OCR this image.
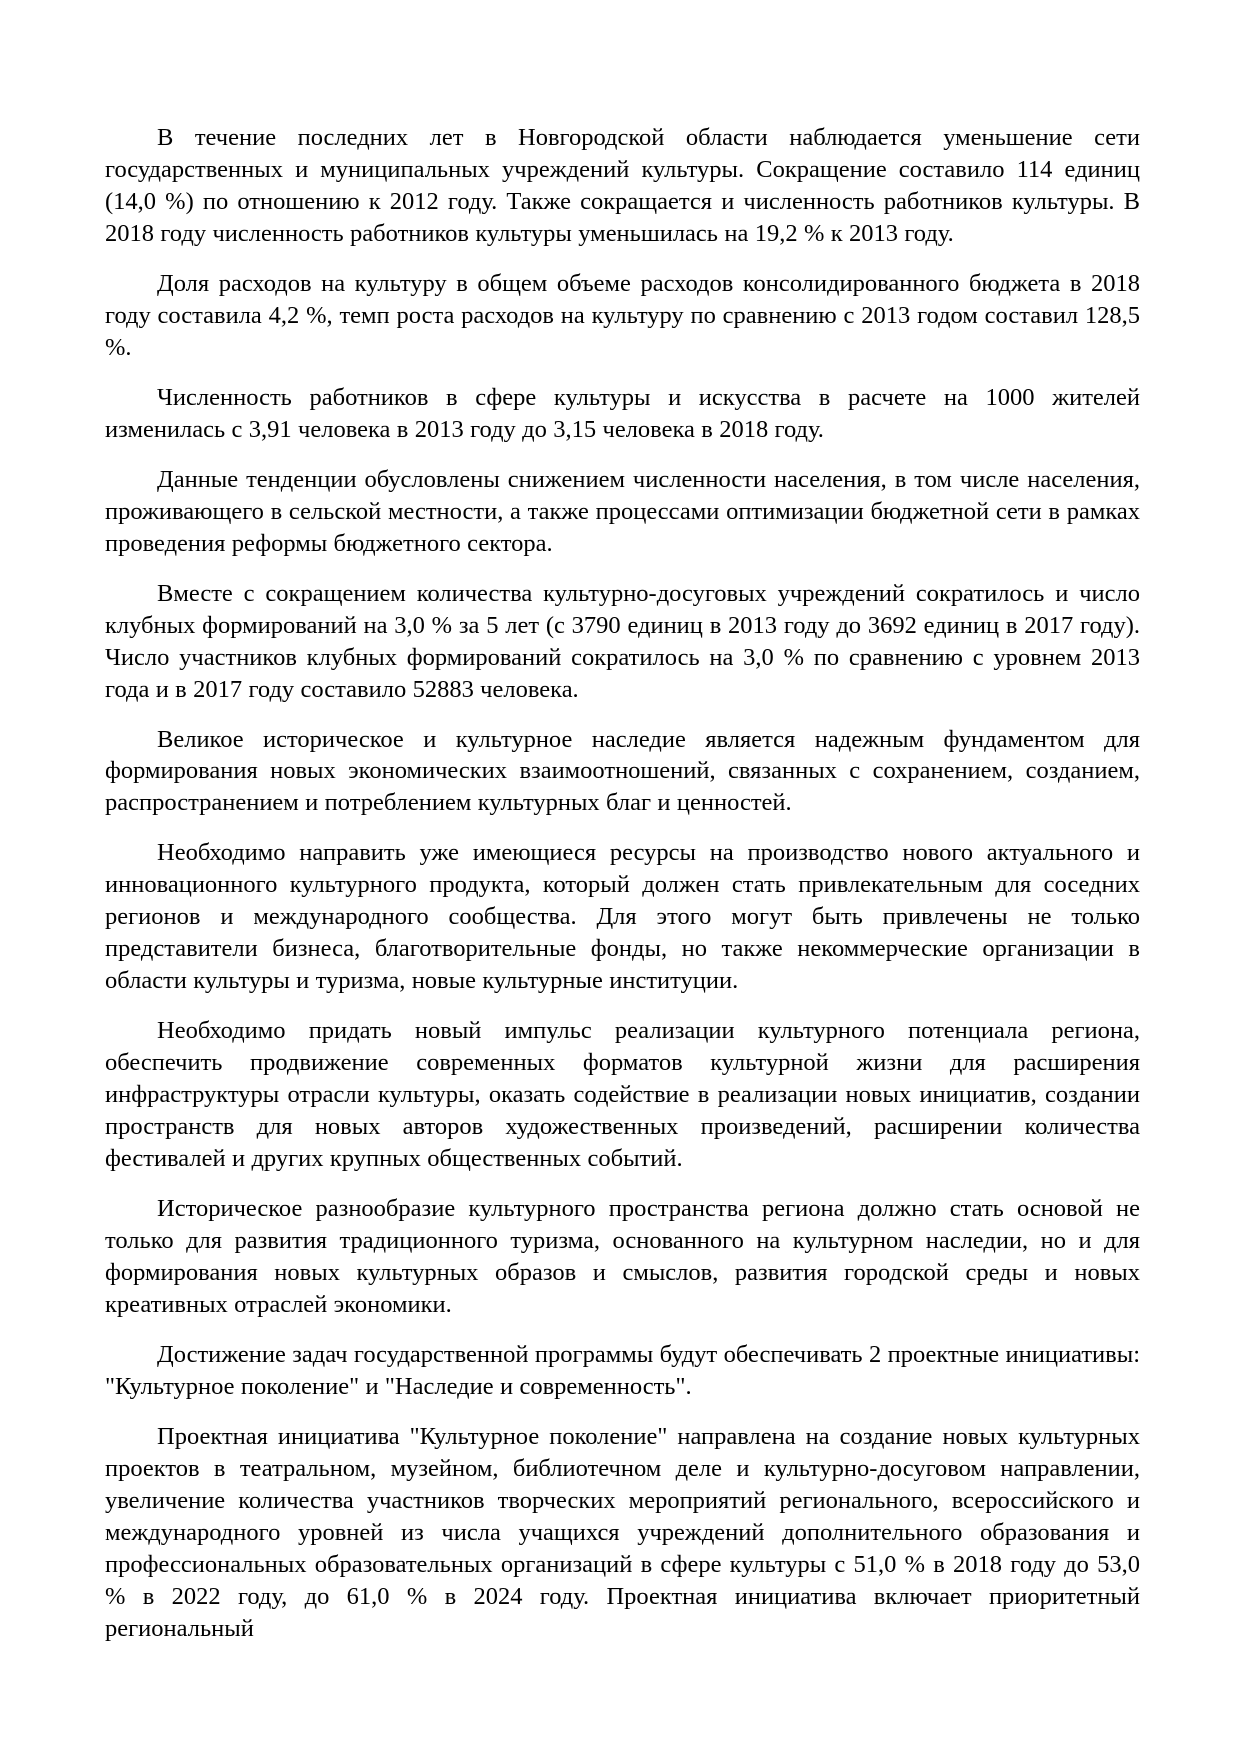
В течение последних лет в Новгородской области наблюдается уменьшение сети государственных и муниципальных учреждений культуры. Сокращение составило 114 единиц (14,0 %) по отношению к 2012 году. Также сокращается и численность работников культуры. В 2018 году численность работников культуры уменьшилась на 19,2 % к 2013 году.

Доля расходов на культуру в общем объеме расходов консолидированного бюджета в 2018 году составила 4,2 %, темп роста расходов на культуру по сравнению с 2013 годом составил 128,5 %.

Численность работников в сфере культуры и искусства в расчете на 1000 жителей изменилась с 3,91 человека в 2013 году до 3,15 человека в 2018 году.

Данные тенденции обусловлены снижением численности населения, в том числе населения, проживающего в сельской местности, а также процессами оптимизации бюджетной сети в рамках проведения реформы бюджетного сектора.

Вместе с сокращением количества культурно-досуговых учреждений сократилось и число клубных формирований на 3,0 % за 5 лет (с 3790 единиц в 2013 году до 3692 единиц в 2017 году). Число участников клубных формирований сократилось на 3,0 % по сравнению с уровнем 2013 года и в 2017 году составило 52883 человека.

Великое историческое и культурное наследие является надежным фундаментом для формирования новых экономических взаимоотношений, связанных с сохранением, созданием, распространением и потреблением культурных благ и ценностей.

Необходимо направить уже имеющиеся ресурсы на производство нового актуального и инновационного культурного продукта, который должен стать привлекательным для соседних регионов и международного сообщества. Для этого могут быть привлечены не только представители бизнеса, благотворительные фонды, но также некоммерческие организации в области культуры и туризма, новые культурные институции.

Необходимо придать новый импульс реализации культурного потенциала региона, обеспечить продвижение современных форматов культурной жизни для расширения инфраструктуры отрасли культуры, оказать содействие в реализации новых инициатив, создании пространств для новых авторов художественных произведений, расширении количества фестивалей и других крупных общественных событий.

Историческое разнообразие культурного пространства региона должно стать основой не только для развития традиционного туризма, основанного на культурном наследии, но и для формирования новых культурных образов и смыслов, развития городской среды и новых креативных отраслей экономики.

Достижение задач государственной программы будут обеспечивать 2 проектные инициативы: "Культурное поколение" и "Наследие и современность".

Проектная инициатива "Культурное поколение" направлена на создание новых культурных проектов в театральном, музейном, библиотечном деле и культурно-досуговом направлении, увеличение количества участников творческих мероприятий регионального, всероссийского и международного уровней из числа учащихся учреждений дополнительного образования и профессиональных образовательных организаций в сфере культуры с 51,0 % в 2018 году до 53,0 % в 2022 году, до 61,0 % в 2024 году. Проектная инициатива включает приоритетный региональный
